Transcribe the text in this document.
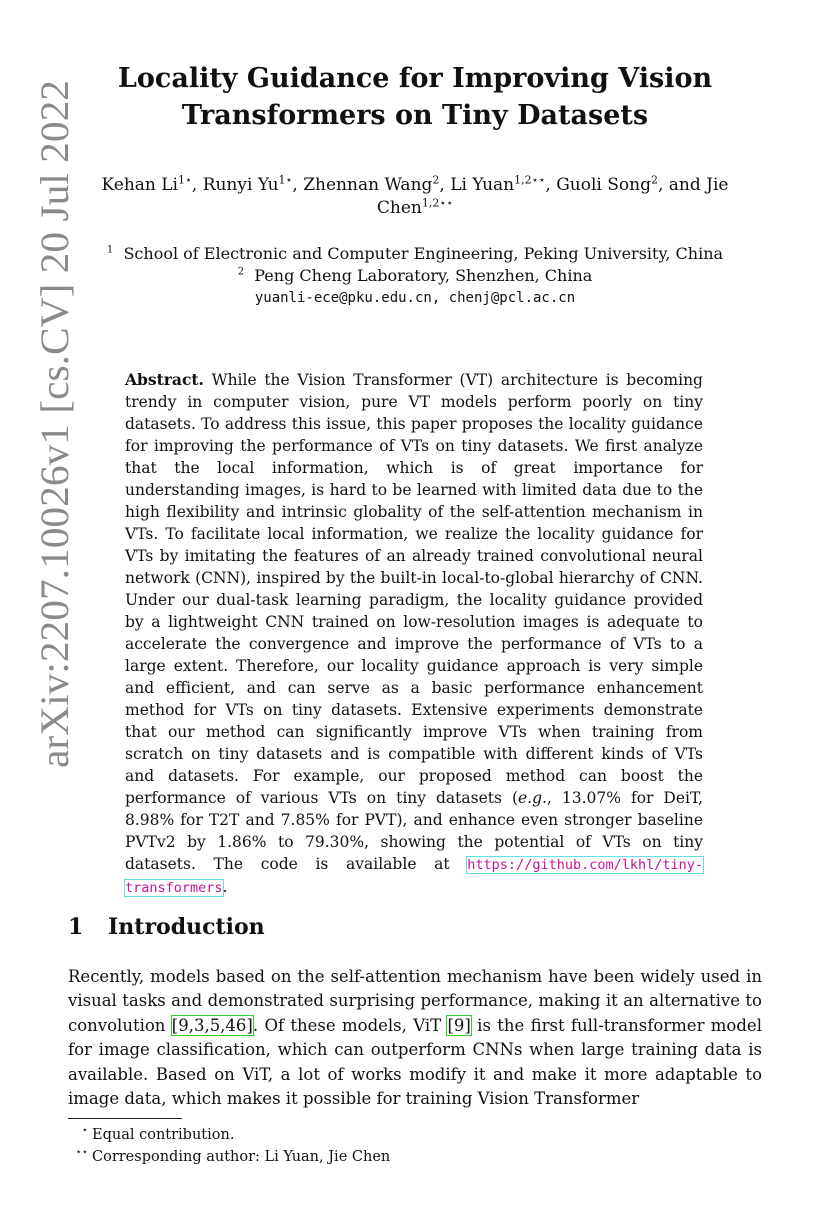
arXiv:2207.10026v1 [cs.CV] 20 Jul 2022
Locality Guidance for Improving Vision
Transformers on Tiny Datasets
Kehan $Li^{1⋆}$, Runyi $Yu^{1⋆}$, Zhennan Wang$^2$, Li Yuan$^{1,2⋆⋆}$, Guoli Song$^2$, and Jie
Chen$^{1,2⋆⋆}$
$^1$ School of Electronic and Computer Engineering, Peking University, China
$^2$ Peng Cheng Laboratory, Shenzhen, China
yuanli-ece@pku.edu.cn, chenj@pcl.ac.cn
Abstract. While the Vision Transformer (VT) architecture is becoming trendy in computer vision, pure VT models perform poorly on tiny datasets. To address this issue, this paper proposes the locality guidance for improving the performance of VTs on tiny datasets. We first analyze that the local information, which is of great importance for understanding images, is hard to be learned with limited data due to the high flexibility and intrinsic globality of the self-attention mechanism in VTs. To facilitate local information, we realize the locality guidance for VTs by imitating the features of an already trained convolutional neural network (CNN), inspired by the built-in local-to-global hierarchy of CNN. Under our dual-task learning paradigm, the locality guidance provided by a lightweight CNN trained on low-resolution images is adequate to accelerate the convergence and improve the performance of VTs to a large extent. Therefore, our locality guidance approach is very simple and efficient, and can serve as a basic performance enhancement method for VTs on tiny datasets. Extensive experiments demonstrate that our method can significantly improve VTs when training from scratch on tiny datasets and is compatible with different kinds of VTs and datasets. For example, our proposed method can boost the performance of various VTs on tiny datasets (e.g., 13.07% for DeiT, 8.98% for T2T and 7.85% for PVT), and enhance even stronger baseline PVTv2 by 1.86% to 79.30%, showing the potential of VTs on tiny datasets. The code is available at https://github.com/lkhl/tiny-transformers.
1 Introduction
Recently, models based on the self-attention mechanism have been widely used in visual tasks and demonstrated surprising performance, making it an alternative to convolution [9,3,5,46]. Of these models, ViT [9] is the first full-transformer model for image classification, which can outperform CNNs when large training data is available. Based on ViT, a lot of works modify it and make it more adaptable to image data, which makes it possible for training Vision Transformer
⋆ Equal contribution.
⋆⋆ Corresponding author: Li Yuan, Jie Chen
